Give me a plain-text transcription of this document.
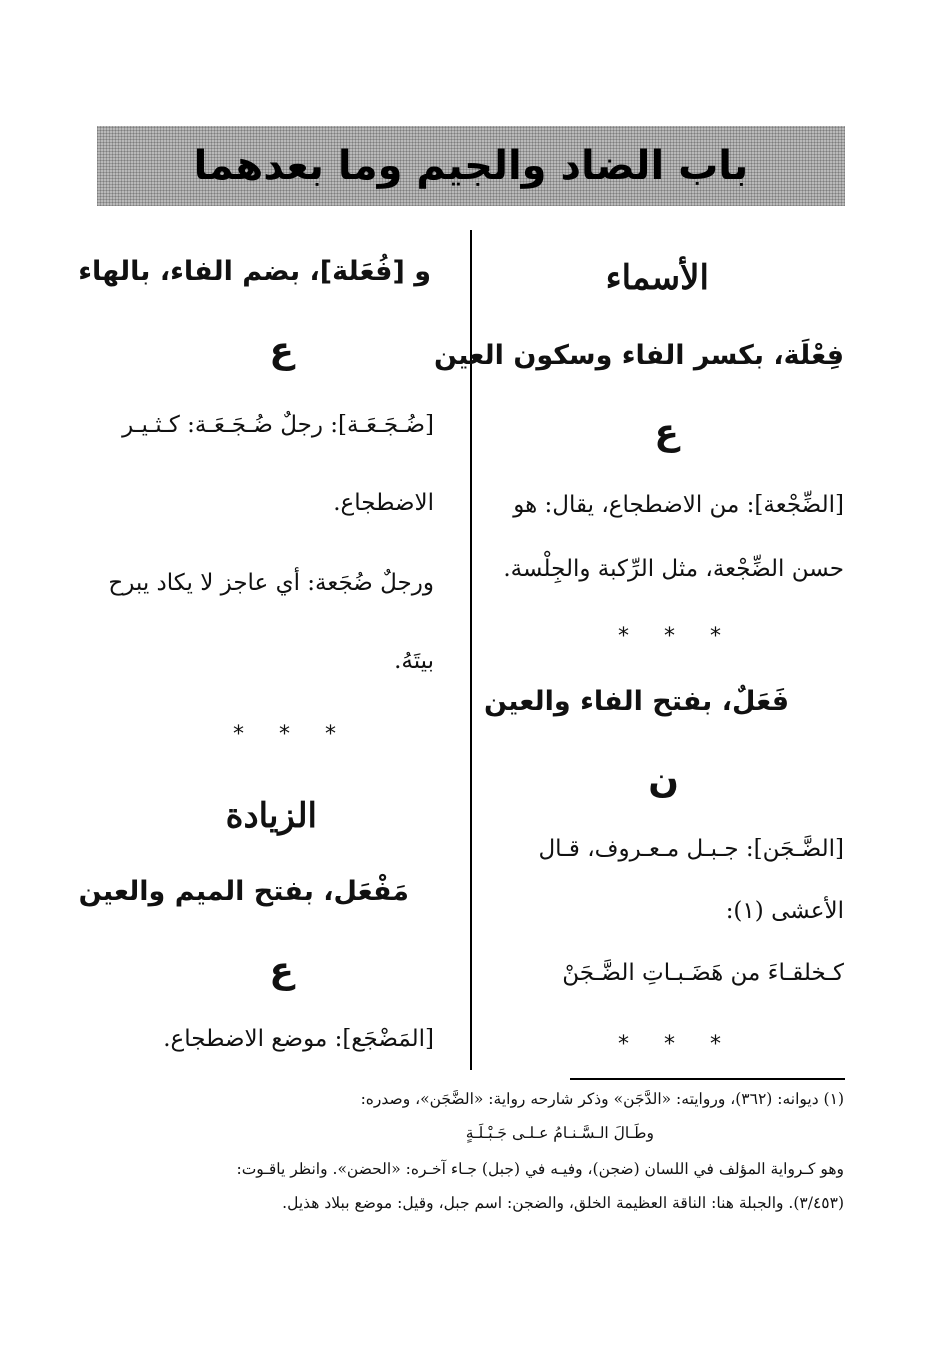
باب الضاد والجيم وما بعدهما
الأسماء
فِعْلَة، بكسر الفاء وسكون العين
ع
[الضِّجْعة]: من الاضطجاع، يقال: هو
حسن الضِّجْعة، مثل الرِّكبة والجِلْسة.
* * *
فَعَلٌ، بفتح الفاء والعين
ن
[الضَّـجَن]: جـبـل مـعـروف، قـال
الأعشى (١):
كـخلقـاءَ من هَضَـبـاتِ الضَّـجَنْ
* * *
و [فُعَلة]، بضم الفاء، بالهاء
ع
[ضُـجَـعَـة]: رجلٌ ضُـجَـعَـة: كـثـيـر
الاضطجاع.
ورجلٌ ضُجَعة: أي عاجز لا يكاد يبرح
بيتَهُ.
* * *
الزيادة
مَفْعَل، بفتح الميم والعين
ع
[المَضْجَع]: موضع الاضطجاع.
(١) ديوانه: (٣٦٢)، وروايته: «الدَّجَن» وذكر شارحه رواية: «الضَّجَن»، وصدره:
وطَـالَ الـسَّـنـامُ عـلـى جَـبْـلَـةٍ
وهو كـرواية المؤلف في اللسان (ضجن)، وفيـه في (جبل) جـاء آخـره: «الحضن». وانظر ياقـوت:
(٣/٤٥٣). والجبلة هنا: الناقة العظيمة الخلق، والضجن: اسم جبل، وقيل: موضع ببلاد هذيل.
